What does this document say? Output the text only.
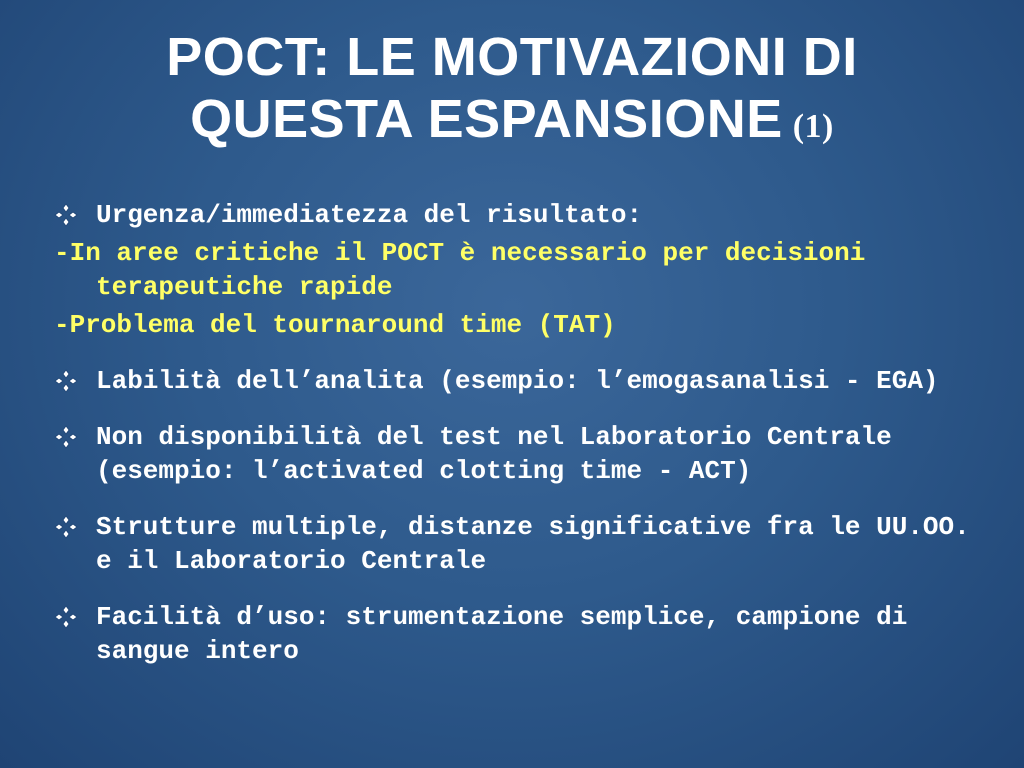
POCT: LE MOTIVAZIONI DI
QUESTA ESPANSIONE (1)
Urgenza/immediatezza del risultato:
-In aree critiche il POCT è necessario per decisioni terapeutiche rapide
-Problema del tournaround time (TAT)
Labilità dell’analita (esempio: l’emogasanalisi - EGA)
Non disponibilità del test nel Laboratorio Centrale (esempio: l’activated clotting time - ACT)
Strutture multiple, distanze significative fra le UU.OO. e il Laboratorio Centrale
Facilità d’uso: strumentazione semplice, campione di sangue intero
